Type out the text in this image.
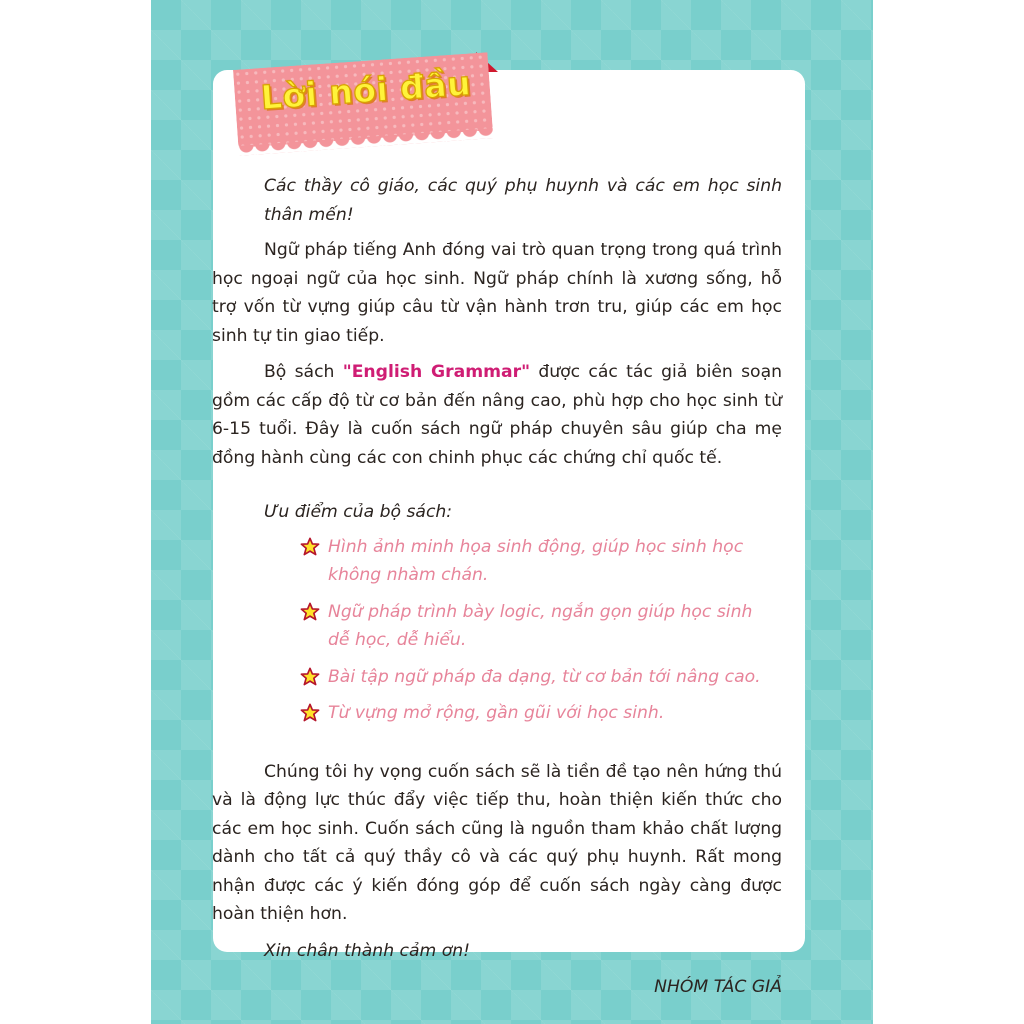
Lời nói đầu

Các thầy cô giáo, các quý phụ huynh và các em học sinh thân mến!

Ngữ pháp tiếng Anh đóng vai trò quan trọng trong quá trình học ngoại ngữ của học sinh. Ngữ pháp chính là xương sống, hỗ trợ vốn từ vựng giúp câu từ vận hành trơn tru, giúp các em học sinh tự tin giao tiếp.

Bộ sách "English Grammar" được các tác giả biên soạn gồm các cấp độ từ cơ bản đến nâng cao, phù hợp cho học sinh từ 6-15 tuổi. Đây là cuốn sách ngữ pháp chuyên sâu giúp cha mẹ đồng hành cùng các con chinh phục các chứng chỉ quốc tế.

Ưu điểm của bộ sách:

Hình ảnh minh họa sinh động, giúp học sinh học không nhàm chán.
Ngữ pháp trình bày logic, ngắn gọn giúp học sinh dễ học, dễ hiểu.
Bài tập ngữ pháp đa dạng, từ cơ bản tới nâng cao.
Từ vựng mở rộng, gần gũi với học sinh.

Chúng tôi hy vọng cuốn sách sẽ là tiền đề tạo nên hứng thú và là động lực thúc đẩy việc tiếp thu, hoàn thiện kiến thức cho các em học sinh. Cuốn sách cũng là nguồn tham khảo chất lượng dành cho tất cả quý thầy cô và các quý phụ huynh. Rất mong nhận được các ý kiến đóng góp để cuốn sách ngày càng được hoàn thiện hơn.

Xin chân thành cảm ơn!

NHÓM TÁC GIẢ
